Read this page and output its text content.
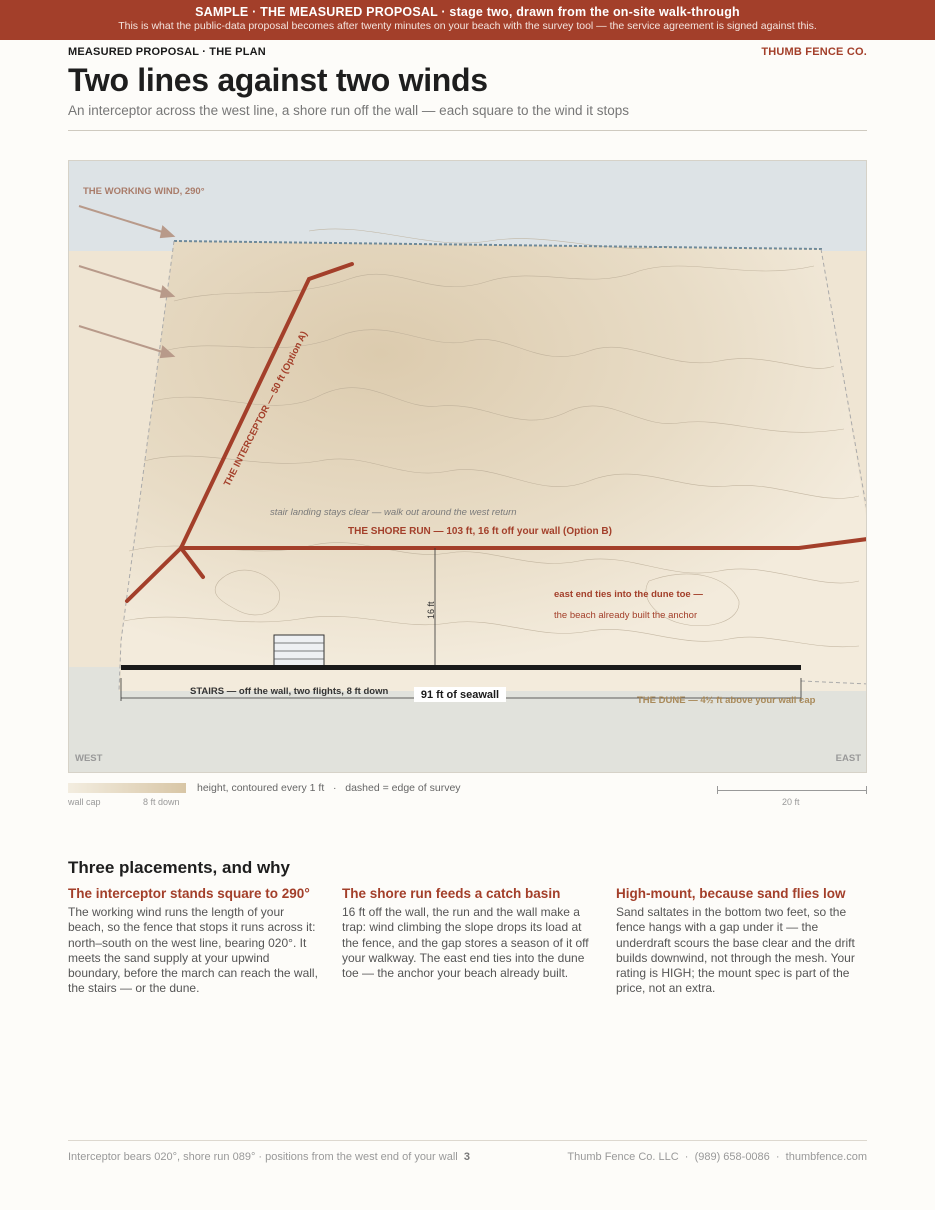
SAMPLE · THE MEASURED PROPOSAL · stage two, drawn from the on-site walk-through
This is what the public-data proposal becomes after twenty minutes on your beach with the survey tool — the service agreement is signed against this.
MEASURED PROPOSAL · THE PLAN	THUMB FENCE CO.
Two lines against two winds
An interceptor across the west line, a shore run off the wall — each square to the wind it stops
THE WORKING WIND, 290°
THE INTERCEPTOR — 50 ft (Option A)
stair landing stays clear — walk out around the west return
THE SHORE RUN — 103 ft, 16 ft off your wall (Option B)
east end ties into the dune toe —
the beach already built the anchor
16 ft
91 ft of seawall
STAIRS — off the wall, two flights, 8 ft down
THE DUNE — 4½ ft above your wall cap
WEST	EAST
wall cap	8 ft down
height, contoured every 1 ft   ·   dashed = edge of survey
20 ft
Three placements, and why
The interceptor stands square to 290°

The working wind runs the length of your beach, so the fence that stops it runs across it: north–south on the west line, bearing 020°. It meets the sand supply at your upwind boundary, before the march can reach the wall, the stairs — or the dune.

The shore run feeds a catch basin

16 ft off the wall, the run and the wall make a trap: wind climbing the slope drops its load at the fence, and the gap stores a season of it off your walkway. The east end ties into the dune toe — the anchor your beach already built.

High-mount, because sand flies low

Sand saltates in the bottom two feet, so the fence hangs with a gap under it — the underdraft scours the base clear and the drift builds downwind, not through the mesh. Your rating is HIGH; the mount spec is part of the price, not an extra.

Interceptor bears 020°, shore run 089° · positions from the west end of your wall 3	Thumb Fence Co. LLC  ·  (989) 658-0086  ·  thumbfence.com
